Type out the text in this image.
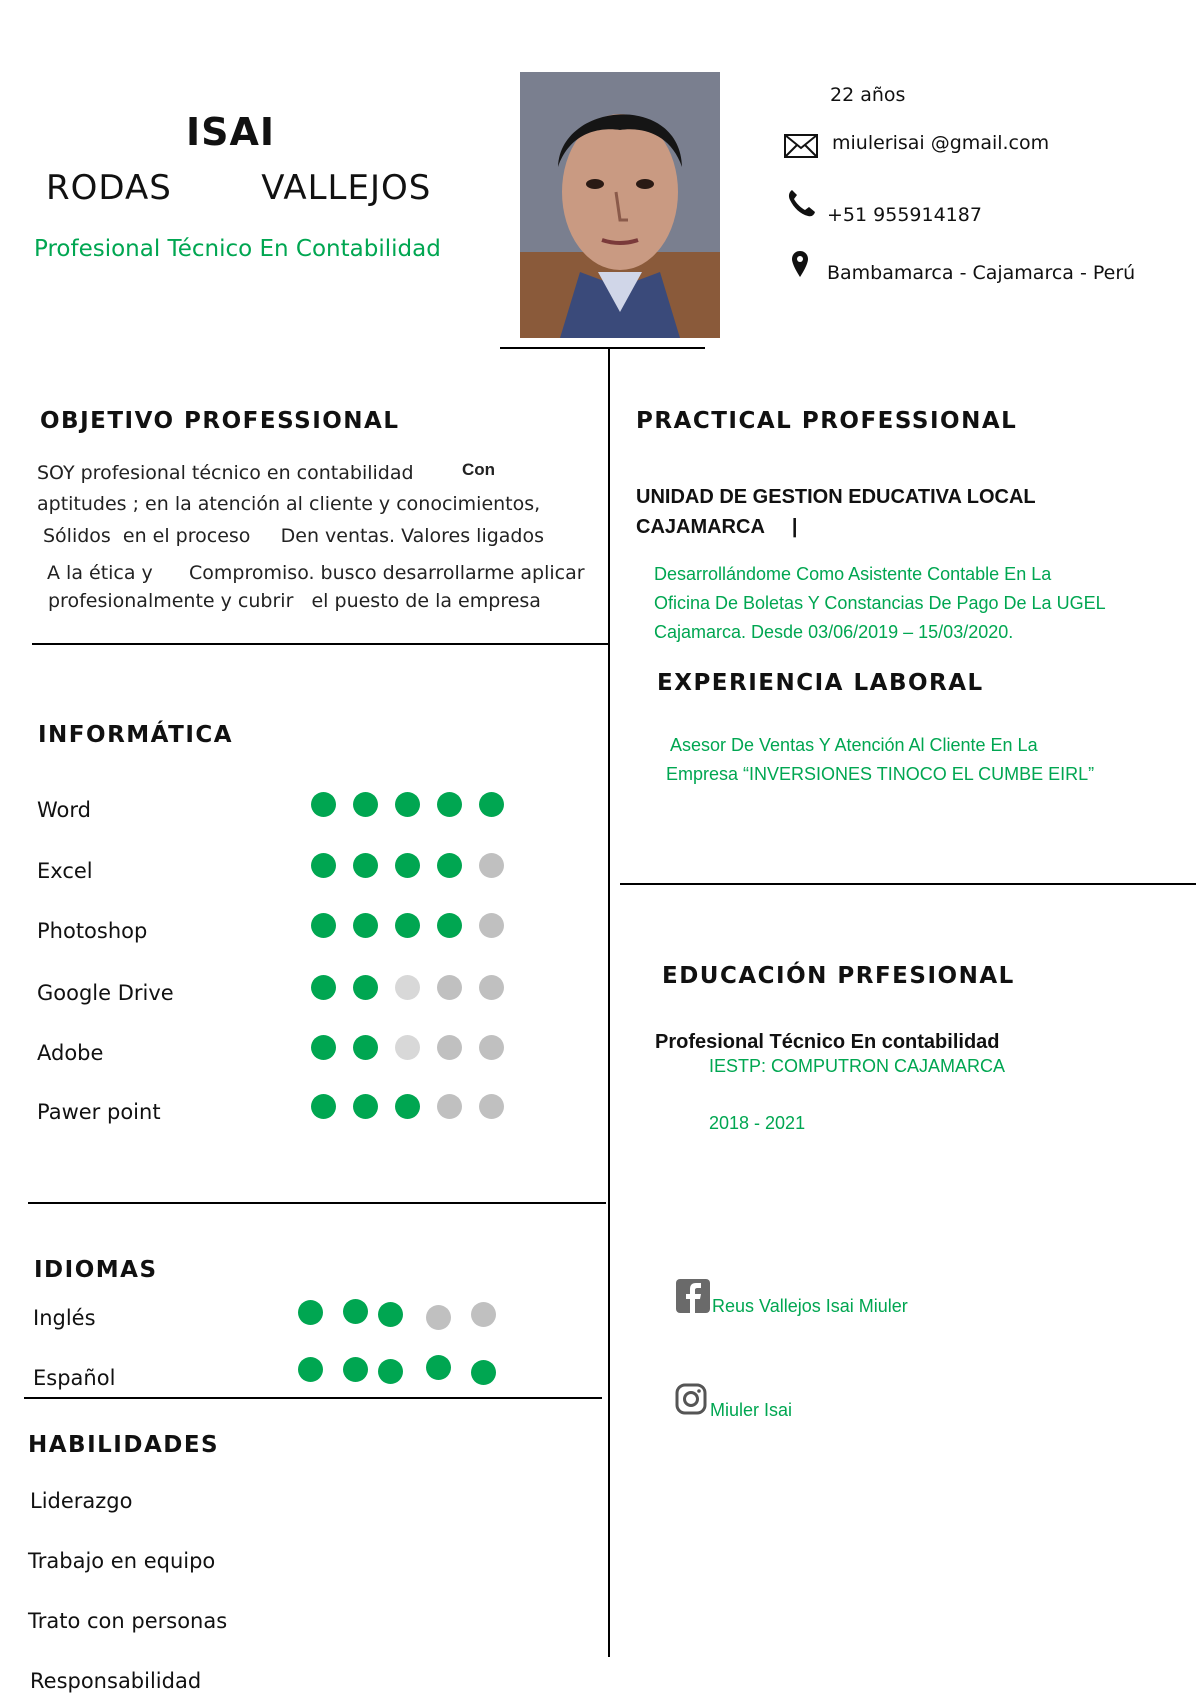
ISAI
RODAS   VALLEJOS
Profesional Técnico En Contabilidad
22 años
miulerisai @gmail.com
+51 955914187
Bambamarca - Cajamarca - Perú
OBJETIVO PROFESSIONAL
SOY profesional técnico en contabilidad	Con
aptitudes ; en la atención al cliente y conocimientos,
Sólidos  en el proceso     Den ventas. Valores ligados
A la ética y      Compromiso. busco desarrollarme aplicar
profesionalmente y cubrir   el puesto de la empresa
INFORMÁTICA
Word
Excel
Photoshop
Google Drive
Adobe
Pawer point
IDIOMAS
Inglés
Español
HABILIDADES
Liderazgo
Trabajo en equipo
Trato con personas
Responsabilidad
PRACTICAL PROFESSIONAL
UNIDAD DE GESTION EDUCATIVA LOCAL
CAJAMARCA     |
Desarrollándome Como Asistente Contable En La
Oficina De Boletas Y Constancias De Pago De La UGEL
Cajamarca. Desde 03/06/2019 – 15/03/2020.
EXPERIENCIA LABORAL
Asesor De Ventas Y Atención Al Cliente En La
Empresa “INVERSIONES TINOCO EL CUMBE EIRL”
EDUCACIÓN PRFESIONAL
Profesional Técnico En contabilidad
IESTP: COMPUTRON CAJAMARCA
2018 - 2021
Reus Vallejos Isai Miuler
Miuler Isai
